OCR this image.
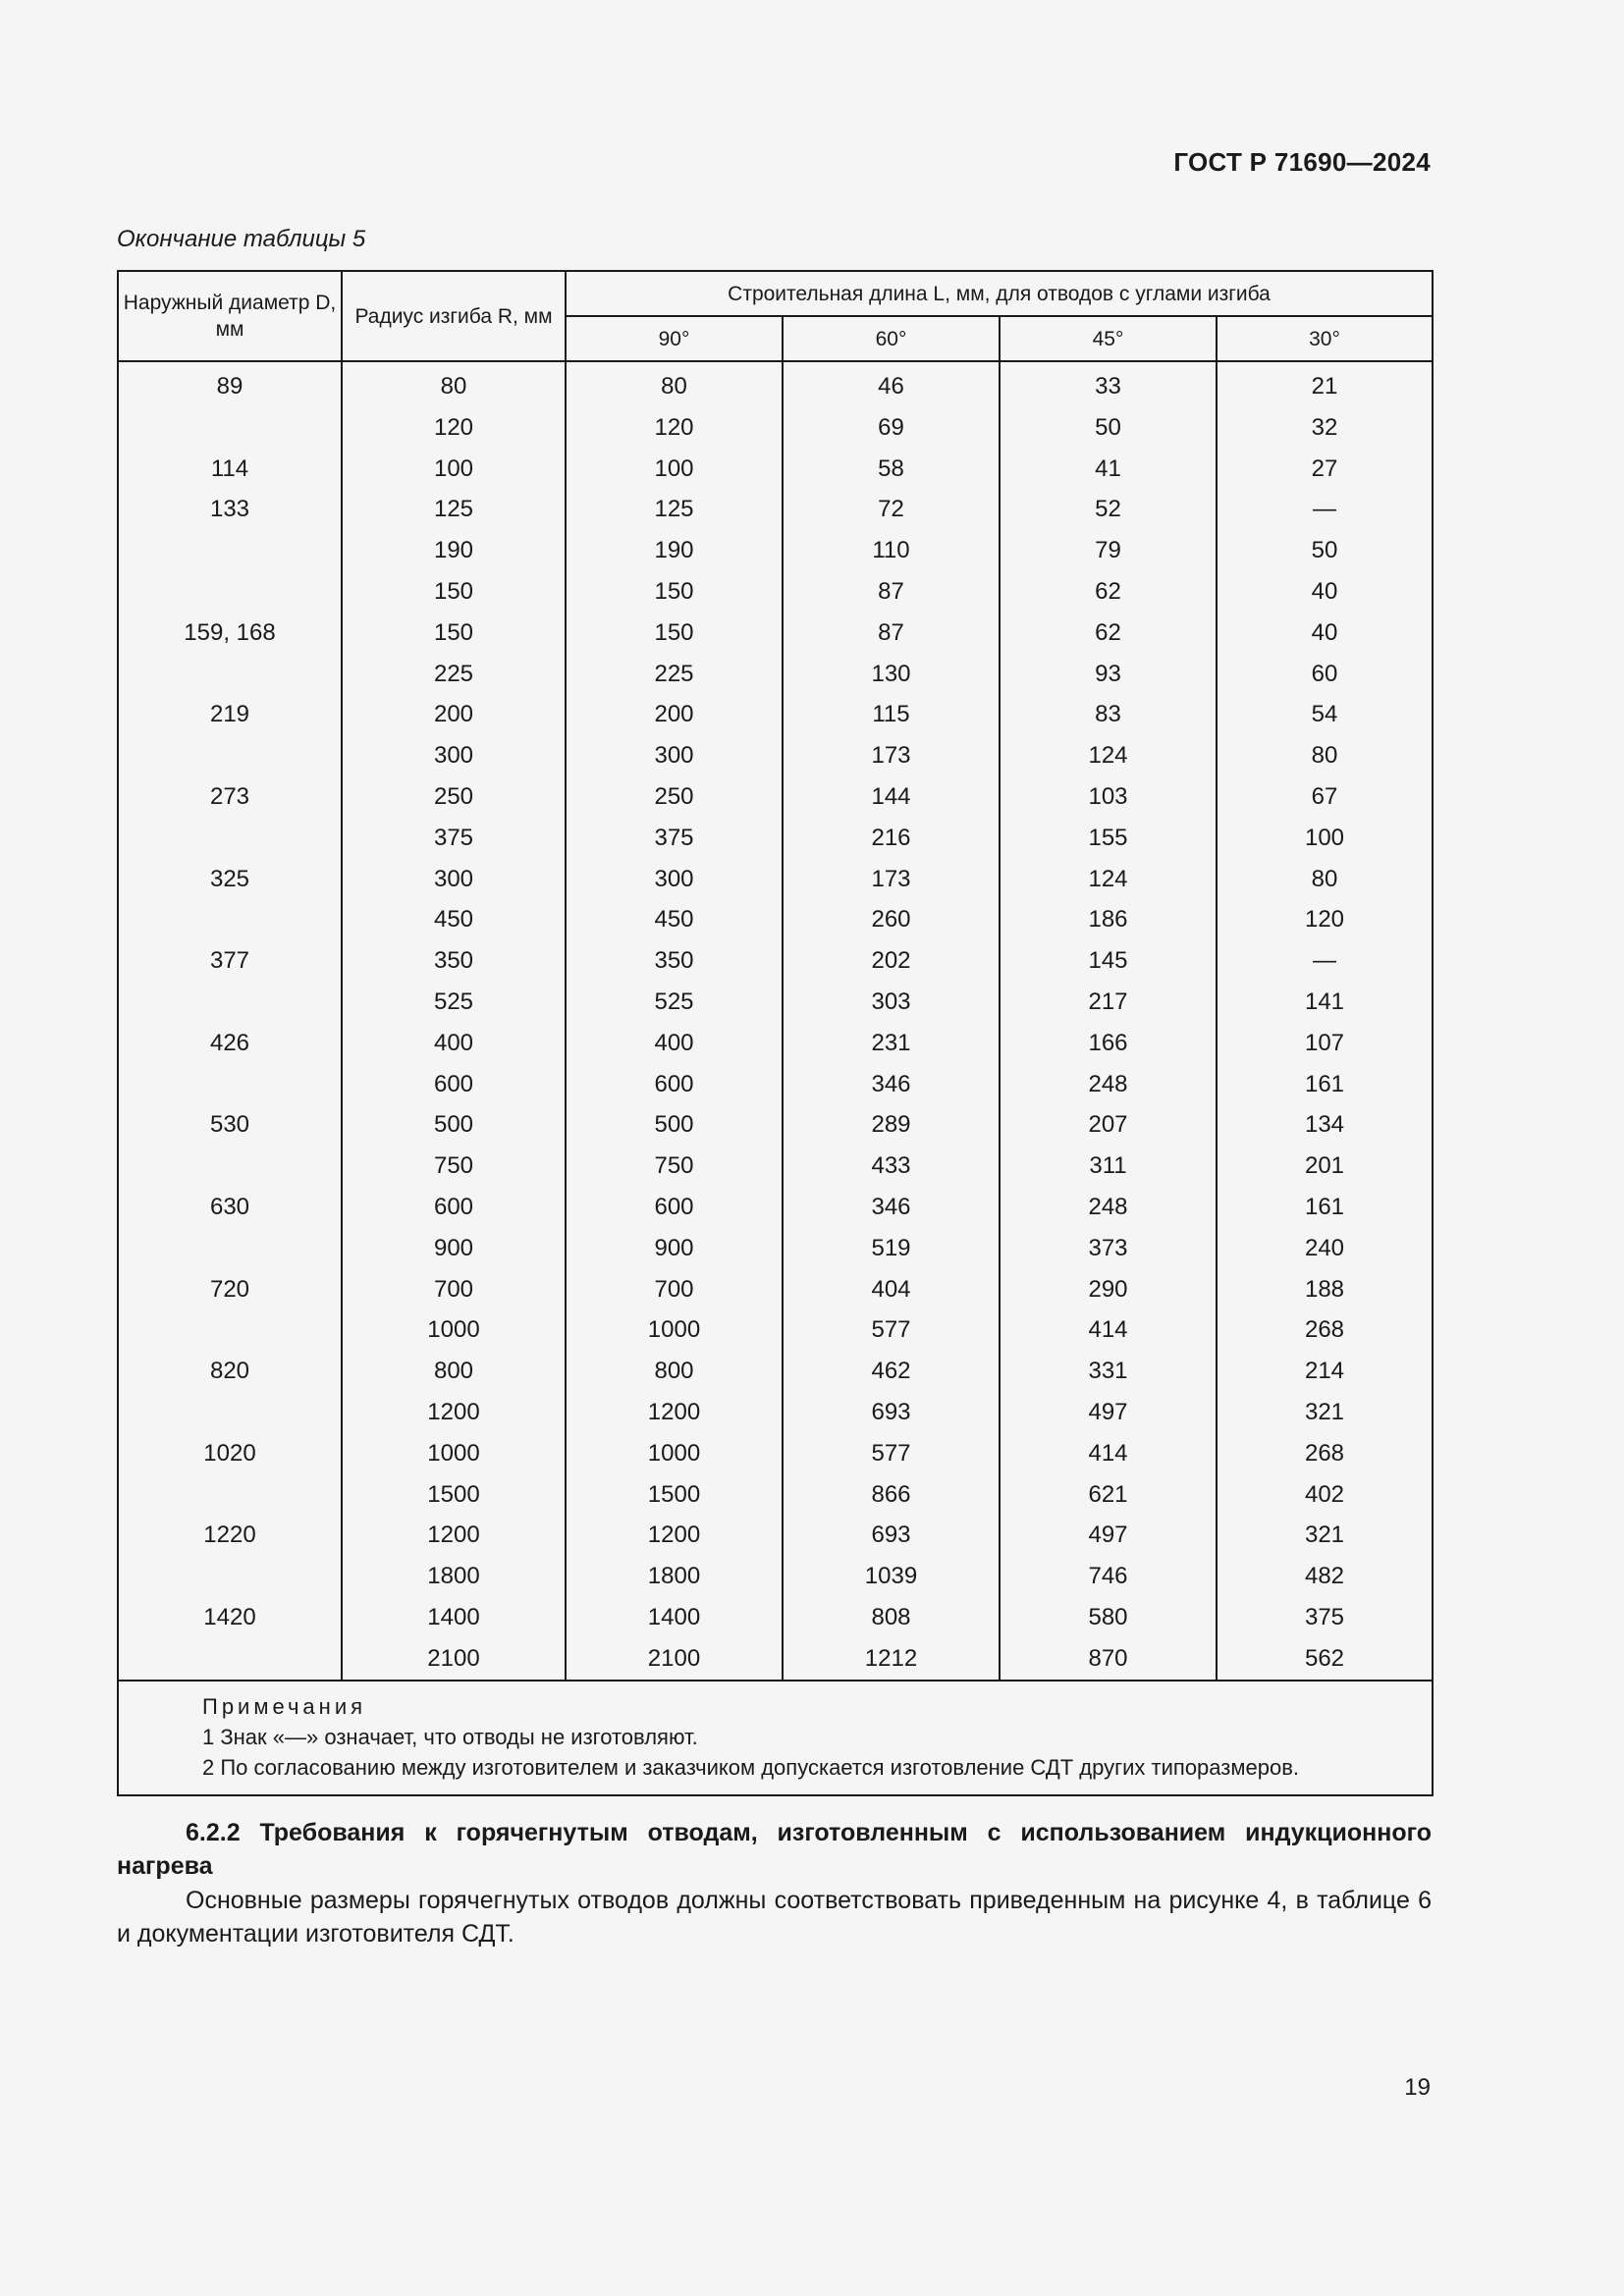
ГОСТ Р 71690—2024
Окончание таблицы 5
Наружный диаметр D, мм	Радиус изгиба R, мм	Строительная длина L, мм, для отводов с углами изгиба			
		90°	60°	45°	30°

89	80	80	46	33	21
	120	120	69	50	32
114	100	100	58	41	27
133	125	125	72	52	—
	190	190	110	79	50
	150	150	87	62	40
159, 168	150	150	87	62	40
	225	225	130	93	60
219	200	200	115	83	54
	300	300	173	124	80
273	250	250	144	103	67
	375	375	216	155	100
325	300	300	173	124	80
	450	450	260	186	120
377	350	350	202	145	—
	525	525	303	217	141
426	400	400	231	166	107
	600	600	346	248	161
530	500	500	289	207	134
	750	750	433	311	201
630	600	600	346	248	161
	900	900	519	373	240
720	700	700	404	290	188
	1000	1000	577	414	268
820	800	800	462	331	214
	1200	1200	693	497	321
1020	1000	1000	577	414	268
	1500	1500	866	621	402
1220	1200	1200	693	497	321
	1800	1800	1039	746	482
1420	1400	1400	808	580	375
	2100	2100	1212	870	562

Примечания
1 Знак «—» означает, что отводы не изготовляют.
2 По согласованию между изготовителем и заказчиком допускается изготовление СДТ других типоразмеров.					
6.2.2 Требования к горячегнутым отводам, изготовленным с использованием индукционного нагрева
Основные размеры горячегнутых отводов должны соответствовать приведенным на рисунке 4, в таблице 6 и документации изготовителя СДТ.
19
